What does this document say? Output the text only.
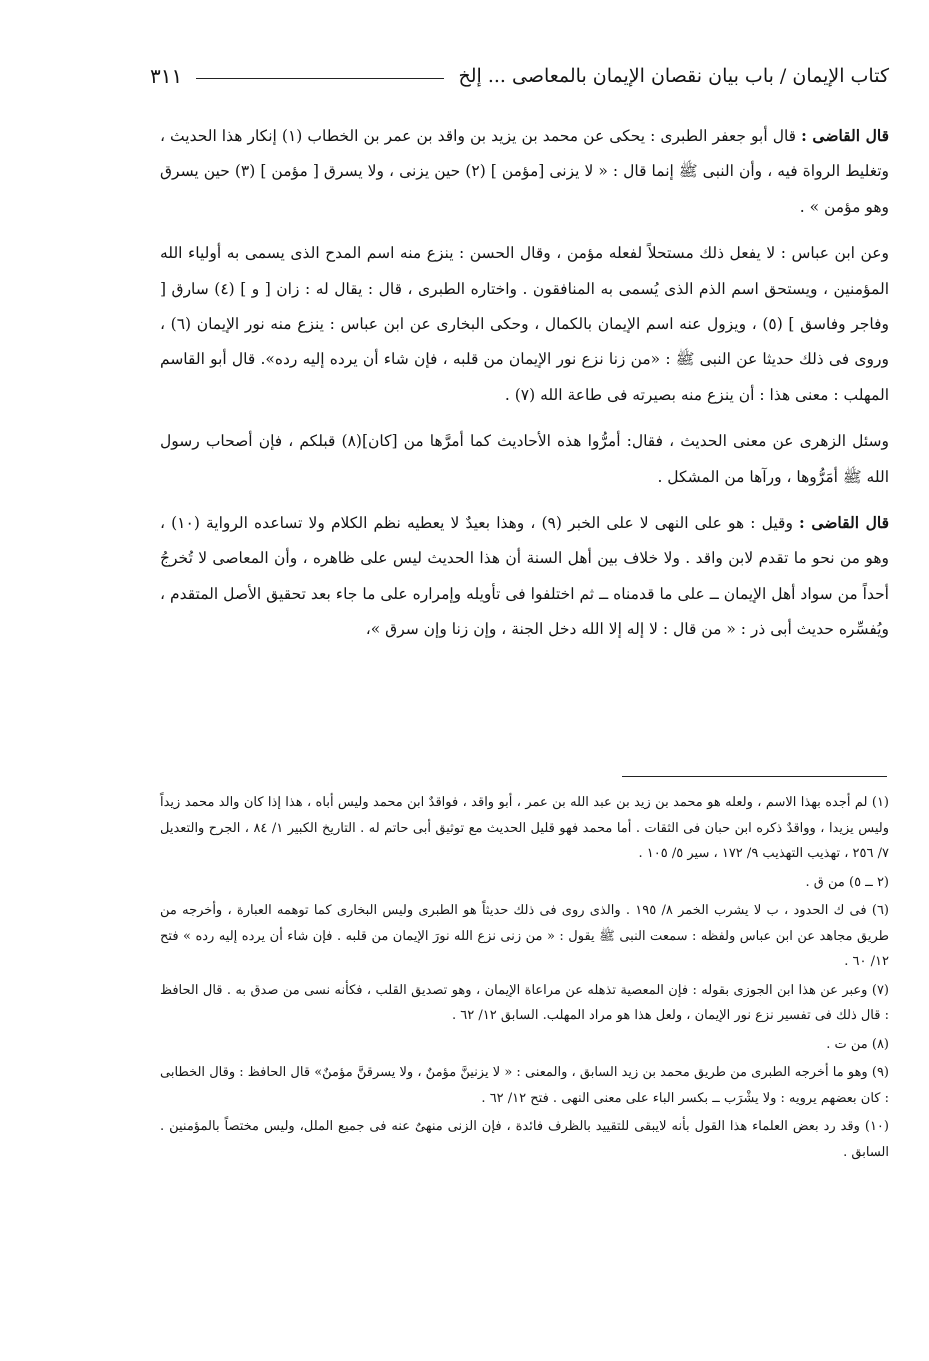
كتاب الإيمان / باب بيان نقصان الإيمان بالمعاصى ... إلخ
٣١١

قال القاضى : قال أبو جعفر الطبرى : يحكى عن محمد بن يزيد بن واقد بن عمر بن الخطاب (١) إنكار هذا الحديث ، وتغليط الرواة فيه ، وأن النبى ﷺ إنما قال : « لا يزنى [مؤمن ] (٢) حين يزنى ، ولا يسرق [ مؤمن ] (٣) حين يسرق وهو مؤمن » .

وعن ابن عباس : لا يفعل ذلك مستحلاً لفعله مؤمن ، وقال الحسن : ينزع منه اسم المدح الذى يسمى به أولياء الله المؤمنين ، ويستحق اسم الذم الذى يُسمى به المنافقون . واختاره الطبرى ، قال : يقال له : زان [ و ] (٤) سارق [ وفاجر وفاسق ] (٥) ، ويزول عنه اسم الإيمان بالكمال ، وحكى البخارى عن ابن عباس : ينزع منه نور الإيمان (٦) ، وروى فى ذلك حديثا عن النبى ﷺ : «من زنا نزع نور الإيمان من قلبه ، فإن شاء أن يرده إليه رده». قال أبو القاسم المهلب : معنى هذا : أن ينزع منه بصيرته فى طاعة الله (٧) .

وسئل الزهرى عن معنى الحديث ، فقال: أمرُّوا هذه الأحاديث كما أمرَّها من [كان](٨) قبلكم ، فإن أصحاب رسول الله ﷺ أمَرُّوها ، ورآها من المشكل .

قال القاضى : وقيل : هو على النهى لا على الخبر (٩) ، وهذا بعيدٌ لا يعطيه نظم الكلام ولا تساعده الرواية (١٠) ، وهو من نحو ما تقدم لابن واقد . ولا خلاف بين أهل السنة أن هذا الحديث ليس على ظاهره ، وأن المعاصى لا تُخرجُ أحداً من سواد أهل الإيمان ــ على ما قدمناه ــ ثم اختلفوا فى تأويله وإمراره على ما جاء بعد تحقيق الأصل المتقدم ، ويُفسِّره حديث أبى ذر : « من قال : لا إله إلا الله دخل الجنة ، وإن زنا وإن سرق »،

(١) لم أجده بهذا الاسم ، ولعله هو محمد بن زيد بن عبد الله بن عمر ، أبو واقد ، فواقدٌ ابن محمد وليس أباه ، هذا إذا كان والد محمد زيداً وليس يزيدا ، وواقدٌ ذكره ابن حبان فى الثقات . أما محمد فهو قليل الحديث مع توثيق أبى حاتم له . التاريخ الكبير ١/ ٨٤ ، الجرح والتعديل ٧/ ٢٥٦ ، تهذيب التهذيب ٩/ ١٧٢ ، سير ٥/ ١٠٥ .

(٢ ــ ٥) من ق .

(٦) فى ك الحدود ، ب لا يشرب الخمر ٨/ ١٩٥ . والذى روى فى ذلك حديثاً هو الطبرى وليس البخارى كما توهمه العبارة ، وأخرجه من طريق مجاهد عن ابن عباس ولفظه : سمعت النبى ﷺ يقول : « من زنى نزع الله نورَ الإيمان من قلبه . فإن شاء أن يرده إليه رده » فتح ١٢/ ٦٠ .

(٧) وعبر عن هذا ابن الجوزى بقوله : فإن المعصية تذهله عن مراعاة الإيمان ، وهو تصديق القلب ، فكأنه نسى من صدق به . قال الحافظ : قال ذلك فى تفسير نزع نور الإيمان ، ولعل هذا هو مراد المهلب. السابق ١٢/ ٦٢ .

(٨) من ت .

(٩) وهو ما أخرجه الطبرى من طريق محمد بن زيد السابق ، والمعنى : « لا يزنينَّ مؤمنٌ ، ولا يسرقنَّ مؤمنٌ» قال الحافظ : وقال الخطابى : كان بعضهم يرويه : ولا يشْرَب ــ بكسر الباء على معنى النهى . فتح ١٢/ ٦٢ .

(١٠) وقد رد بعض العلماء هذا القول بأنه لايبقى للتقييد بالظرف فائدة ، فإن الزنى منهىٌ عنه فى جميع الملل، وليس مختصاً بالمؤمنين . السابق .
